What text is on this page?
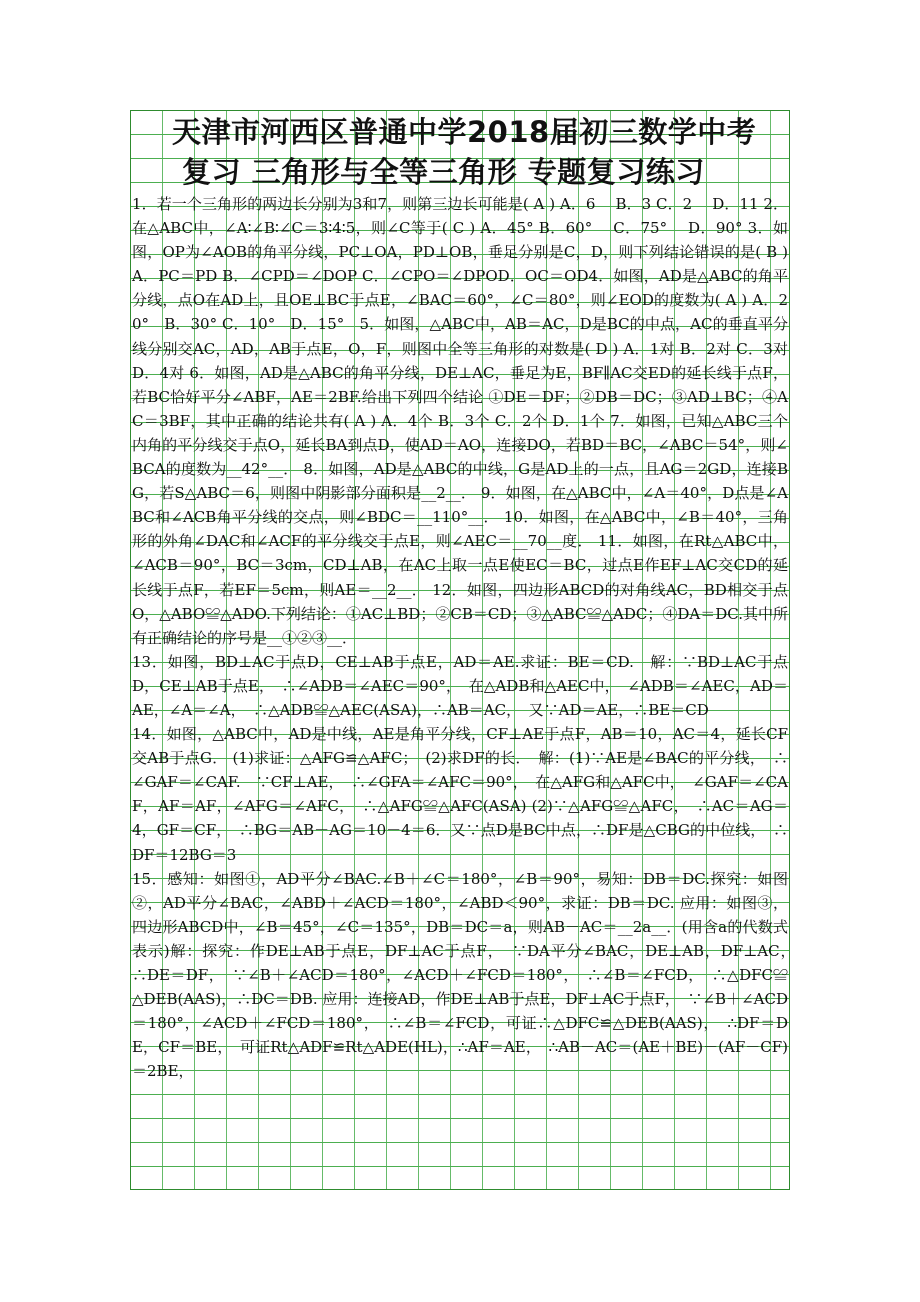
天津市河西区普通中学2018届初三数学中考
复习 三角形与全等三角形 专题复习练习

1．若一个三角形的两边长分别为3和7，则第三边长可能是( A ) A．6　 B．3 C．2　 D．11 2．在△ABC中，∠A∶∠B∶∠C＝3∶4∶5，则∠C等于( C ) A．45° B．60°　 C．75°　 D．90° 3．如图，OP为∠AOB的角平分线，PC⊥OA，PD⊥OB，垂足分别是C，D，则下列结论错误的是( B ) A．PC＝PD B．∠CPD＝∠DOP C．∠CPO＝∠DPOD．OC＝OD4．如图，AD是△ABC的角平分线，点O在AD上，且OE⊥BC于点E，∠BAC＝60°，∠C＝80°，则∠EOD的度数为( A ) A．20°　B．30° C．10°　D．15°　5．如图，△ABC中，AB＝AC，D是BC的中点，AC的垂直平分线分别交AC，AD，AB于点E，O，F，则图中全等三角形的对数是( D ) A．1对 B．2对 C．3对 D．4对 6．如图，AD是△ABC的角平分线，DE⊥AC，垂足为E，BF∥AC交ED的延长线于点F，若BC恰好平分∠ABF，AE＝2BF.给出下列四个结论 ①DE＝DF；②DB＝DC；③AD⊥BC；④AC＝3BF，其中正确的结论共有( A ) A．4个 B．3个 C．2个 D．1个 7．如图，已知△ABC三个内角的平分线交于点O，延长BA到点D，使AD＝AO，连接DO，若BD＝BC，∠ABC＝54°，则∠BCA的度数为__42°__． 8．如图，AD是△ABC的中线，G是AD上的一点，且AG＝2GD，连接BG，若S△ABC＝6，则图中阴影部分面积是__2__． 9．如图，在△ABC中，∠A＝40°，D点是∠ABC和∠ACB角平分线的交点，则∠BDC＝__110°__． 10．如图，在△ABC中，∠B＝40°，三角形的外角∠DAC和∠ACF的平分线交于点E，则∠AEC＝__70__度． 11．如图，在Rt△ABC中，∠ACB＝90°，BC＝3cm，CD⊥AB，在AC上取一点E使EC＝BC，过点E作EF⊥AC交CD的延长线于点F，若EF＝5cm，则AE＝__2__． 12．如图，四边形ABCD的对角线AC，BD相交于点O，△ABO≌△ADO.下列结论：①AC⊥BD；②CB＝CD；③△ABC≌△ADC；④DA＝DC.其中所有正确结论的序号是__①②③__．

13．如图，BD⊥AC于点D，CE⊥AB于点E，AD＝AE.求证：BE＝CD.　解：∵BD⊥AC于点D，CE⊥AB于点E，　∴∠ADB＝∠AEC＝90°，　在△ADB和△AEC中，　∠ADB＝∠AEC，AD＝AE，∠A＝∠A，　∴△ADB≌△AEC(ASA)，∴AB＝AC，　又∵AD＝AE，∴BE＝CD

14．如图，△ABC中，AD是中线，AE是角平分线，CF⊥AE于点F，AB＝10，AC＝4，延长CF交AB于点G． (1)求证：△AFG≌△AFC；　(2)求DF的长．　解：(1)∵AE是∠BAC的平分线，　∴∠GAF＝∠CAF.　∵CF⊥AE，　∴∠GFA＝∠AFC＝90°，　在△AFG和△AFC中，　∠GAF＝∠CAF，AF＝AF，∠AFG＝∠AFC，　∴△AFG≌△AFC(ASA) (2)∵△AFG≌△AFC，　∴AC＝AG＝4，GF＝CF，　∴BG＝AB－AG＝10－4＝6．又∵点D是BC中点，∴DF是△CBG的中位线，　∴DF＝12BG＝3

15．感知：如图①，AD平分∠BAC.∠B＋∠C＝180°，∠B＝90°，易知：DB＝DC.探究：如图②，AD平分∠BAC，∠ABD＋∠ACD＝180°，∠ABD＜90°，求证：DB＝DC. 应用：如图③，四边形ABCD中，∠B＝45°，∠C＝135°，DB＝DC＝a，则AB－AC＝__2a__．(用含a的代数式表示)解：探究：作DE⊥AB于点E，DF⊥AC于点F，　∵DA平分∠BAC，DE⊥AB，DF⊥AC，　∴DE＝DF，　∵∠B＋∠ACD＝180°，∠ACD＋∠FCD＝180°，　∴∠B＝∠FCD，　∴△DFC≌△DEB(AAS)，∴DC＝DB. 应用：连接AD，作DE⊥AB于点E，DF⊥AC于点F，　∵∠B＋∠ACD＝180°，∠ACD＋∠FCD＝180°，　∴∠B＝∠FCD，可证∴△DFC≌△DEB(AAS)，　∴DF＝DE，CF＝BE，　可证Rt△ADF≌Rt△ADE(HL)，∴AF＝AE，　∴AB－AC＝(AE＋BE)－(AF－CF)＝2BE，
